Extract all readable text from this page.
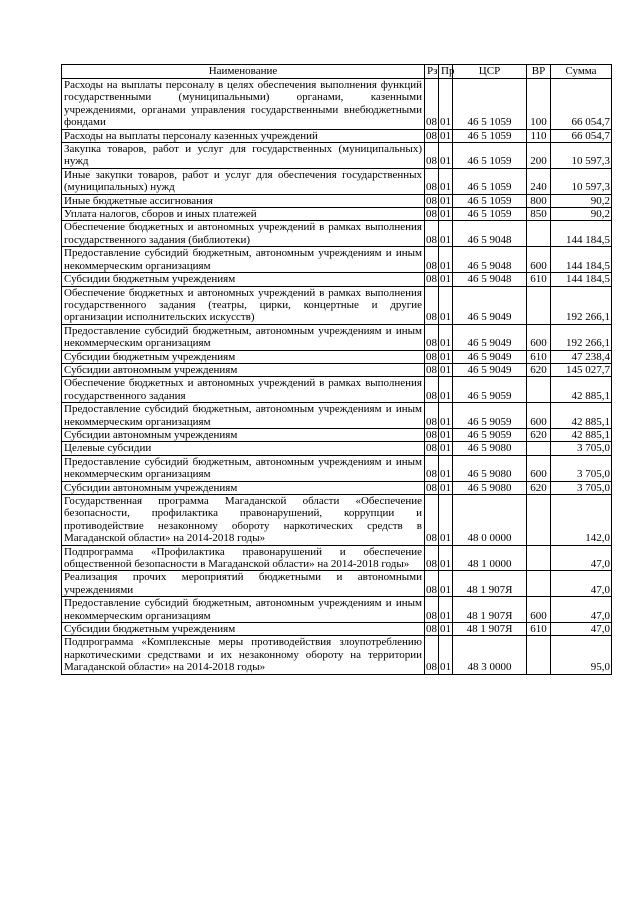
Наименование	Рз	Пр	ЦСР	ВР	Сумма
Расходы на выплаты персоналу в целях обеспечения выполнения функций государственными (муниципальными) органами, казенными учреждениями, органами управления государственными внебюджетными фондами	08	01	46 5 1059	100	66 054,7
Расходы на выплаты персоналу казенных учреждений	08	01	46 5 1059	110	66 054,7
Закупка товаров, работ и услуг для государственных (муниципальных) нужд	08	01	46 5 1059	200	10 597,3
Иные закупки товаров, работ и услуг для обеспечения государственных (муниципальных) нужд	08	01	46 5 1059	240	10 597,3
Иные бюджетные ассигнования	08	01	46 5 1059	800	90,2
Уплата налогов, сборов и иных платежей	08	01	46 5 1059	850	90,2
Обеспечение бюджетных и автономных учреждений в рамках выполнения государственного задания (библиотеки)	08	01	46 5 9048		144 184,5
Предоставление субсидий бюджетным, автономным учреждениям и иным некоммерческим организациям	08	01	46 5 9048	600	144 184,5
Субсидии бюджетным учреждениям	08	01	46 5 9048	610	144 184,5
Обеспечение бюджетных и автономных учреждений в рамках выполнения государственного задания (театры, цирки, концертные и другие организации исполнительских искусств)	08	01	46 5 9049		192 266,1
Предоставление субсидий бюджетным, автономным учреждениям и иным некоммерческим организациям	08	01	46 5 9049	600	192 266,1
Субсидии бюджетным учреждениям	08	01	46 5 9049	610	47 238,4
Субсидии автономным учреждениям	08	01	46 5 9049	620	145 027,7
Обеспечение бюджетных и автономных учреждений в рамках выполнения государственного задания	08	01	46 5 9059		42 885,1
Предоставление субсидий бюджетным, автономным учреждениям и иным некоммерческим организациям	08	01	46 5 9059	600	42 885,1
Субсидии автономным учреждениям	08	01	46 5 9059	620	42 885,1
Целевые субсидии	08	01	46 5 9080		3 705,0
Предоставление субсидий бюджетным, автономным учреждениям и иным некоммерческим организациям	08	01	46 5 9080	600	3 705,0
Субсидии автономным учреждениям	08	01	46 5 9080	620	3 705,0
Государственная программа Магаданской области «Обеспечение безопасности, профилактика правонарушений, коррупции и противодействие незаконному обороту наркотических средств в Магаданской области» на 2014-2018 годы»	08	01	48 0 0000		142,0
Подпрограмма «Профилактика правонарушений и обеспечение общественной безопасности в Магаданской области» на 2014-2018 годы»	08	01	48 1 0000		47,0
Реализация прочих мероприятий бюджетными и автономными учреждениями	08	01	48 1 907Я		47,0
Предоставление субсидий бюджетным, автономным учреждениям и иным некоммерческим организациям	08	01	48 1 907Я	600	47,0
Субсидии бюджетным учреждениям	08	01	48 1 907Я	610	47,0
Подпрограмма «Комплексные меры противодействия злоупотреблению наркотическими средствами и их незаконному обороту на территории Магаданской области» на 2014-2018 годы»	08	01	48 3 0000		95,0
